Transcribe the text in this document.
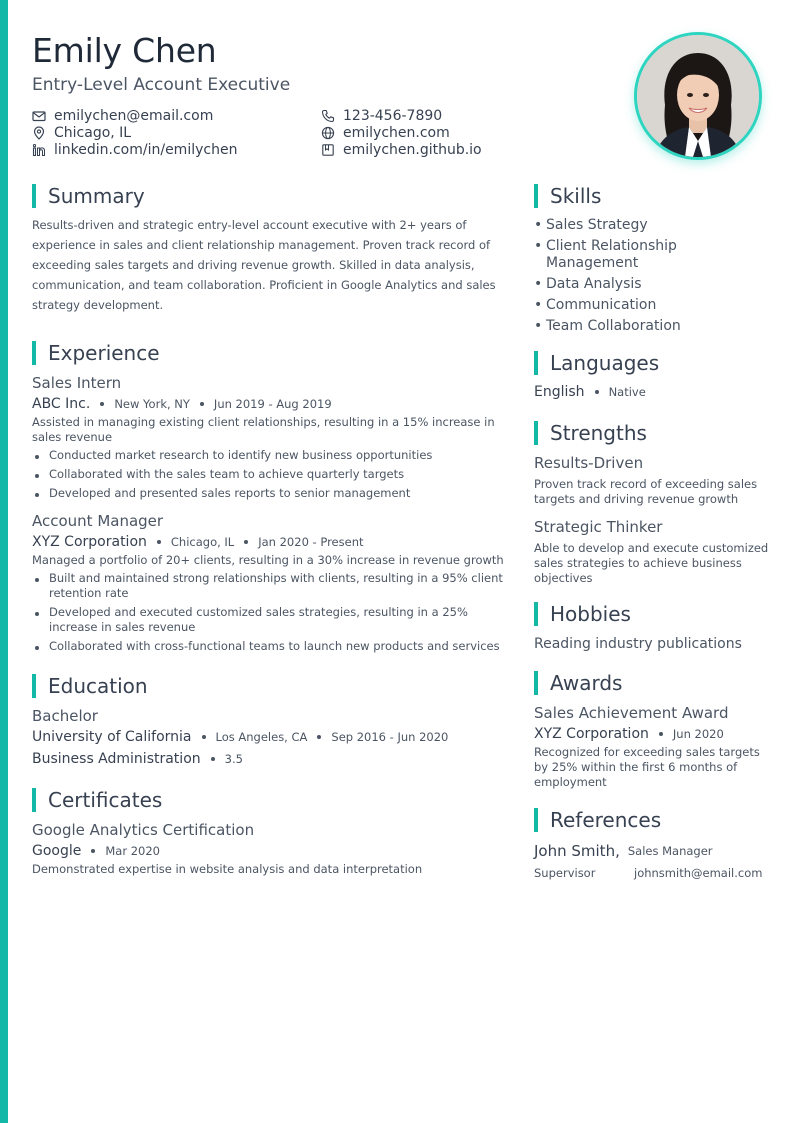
Emily Chen
Entry-Level Account Executive
emilychen@email.com	123-456-7890
Chicago, IL	emilychen.com
linkedin.com/in/emilychen	emilychen.github.io
Summary

Results-driven and strategic entry-level account executive with 2+ years of experience in sales and client relationship management. Proven track record of exceeding sales targets and driving revenue growth. Skilled in data analysis, communication, and team collaboration. Proficient in Google Analytics and sales strategy development.

Experience
Sales Intern
ABC Inc. New York, NY Jun 2019 - Aug 2019
Assisted in managing existing client relationships, resulting in a 15% increase in sales revenue
Conducted market research to identify new business opportunities
Collaborated with the sales team to achieve quarterly targets
Developed and presented sales reports to senior management
Account Manager
XYZ Corporation Chicago, IL Jan 2020 - Present
Managed a portfolio of 20+ clients, resulting in a 30% increase in revenue growth
Built and maintained strong relationships with clients, resulting in a 95% client retention rate
Developed and executed customized sales strategies, resulting in a 25% increase in sales revenue
Collaborated with cross-functional teams to launch new products and services
Education
Bachelor
University of California Los Angeles, CA Sep 2016 - Jun 2020
Business Administration 3.5
Certificates
Google Analytics Certification
Google Mar 2020
Demonstrated expertise in website analysis and data interpretation
Skills
• Sales Strategy
• Client Relationship Management
• Data Analysis
• Communication
• Team Collaboration
Languages
English Native
Strengths
Results-Driven
Proven track record of exceeding sales targets and driving revenue growth
Strategic Thinker
Able to develop and execute customized sales strategies to achieve business objectives
Hobbies
Reading industry publications
Awards
Sales Achievement Award
XYZ Corporation Jun 2020
Recognized for exceeding sales targets by 25% within the first 6 months of employment
References
John Smith, Sales Manager
Supervisor	johnsmith@email.com
